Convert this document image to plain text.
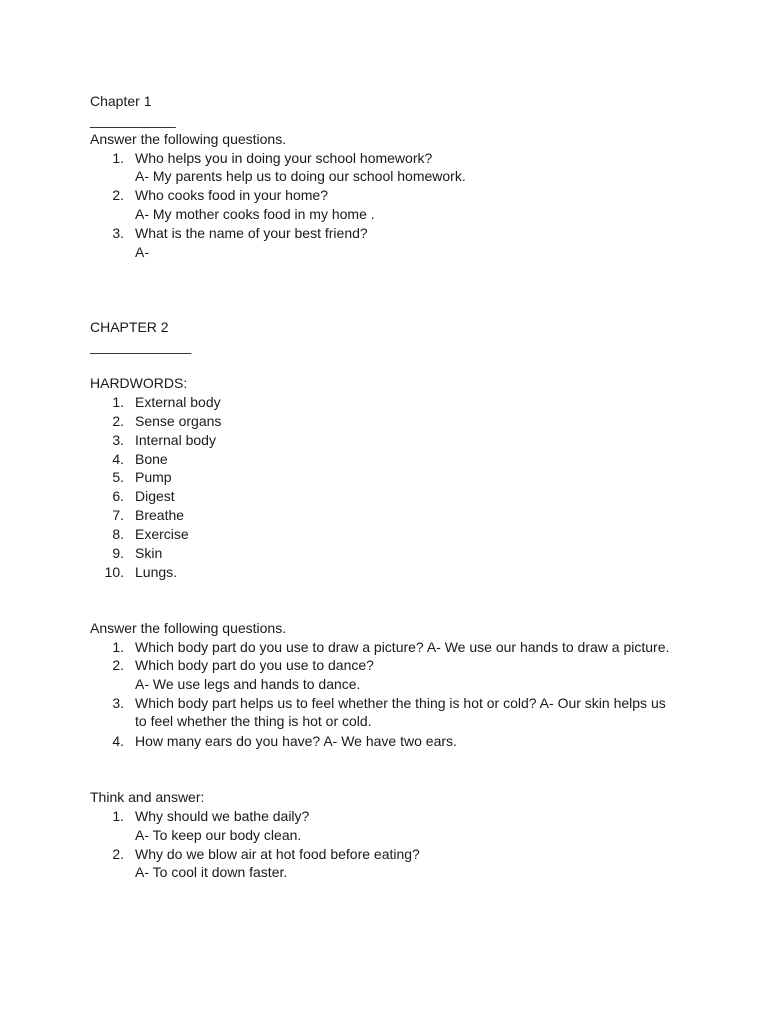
Chapter 1
___________
Answer the following questions.
1. Who helps you in doing your school homework?
A- My parents help us to doing our school homework.
2. Who cooks food in your home?
A- My mother cooks food in my home .
3. What is the name of your best friend?
A-
CHAPTER 2
_____________
HARDWORDS:
1. External body
2. Sense organs
3. Internal body
4. Bone
5. Pump
6. Digest
7. Breathe
8. Exercise
9. Skin
10. Lungs.
Answer the following questions.
1. Which body part do you use to draw a picture? A- We use our hands to draw a picture.
2. Which body part do you use to dance?
A- We use legs and hands to dance.
3. Which body part helps us to feel whether the thing is hot or cold? A- Our skin helps us to feel whether the thing is hot or cold.
4. How many ears do you have? A- We have two ears.
Think and answer:
1. Why should we bathe daily?
A- To keep our body clean.
2. Why do we blow air at hot food before eating?
A- To cool it down faster.
